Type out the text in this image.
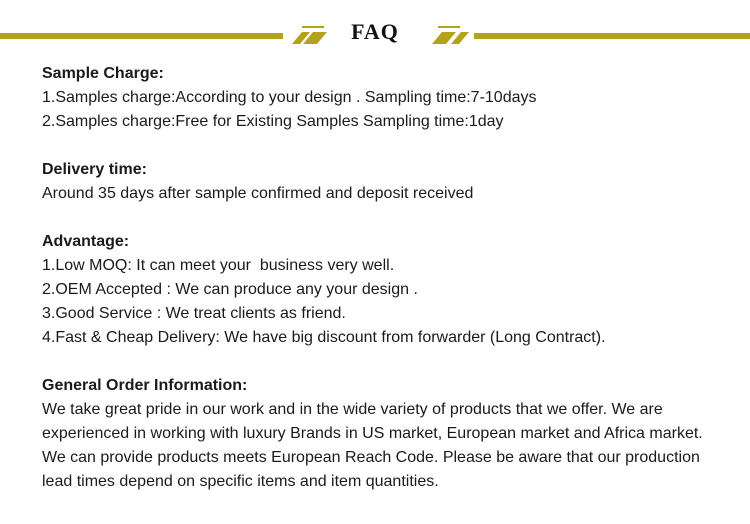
FAQ
Sample Charge:
1.Samples charge:According to your design . Sampling time:7-10days
2.Samples charge:Free for Existing Samples Sampling time:1day
Delivery time:
Around 35 days after sample confirmed and deposit received
Advantage:
1.Low MOQ: It can meet your  business very well.
2.OEM Accepted : We can produce any your design .
3.Good Service : We treat clients as friend.
4.Fast & Cheap Delivery: We have big discount from forwarder (Long Contract).
General Order Information:
We take great pride in our work and in the wide variety of products that we offer. We are
experienced in working with luxury Brands in US market, European market and Africa market.
We can provide products meets European Reach Code. Please be aware that our production
lead times depend on specific items and item quantities.
